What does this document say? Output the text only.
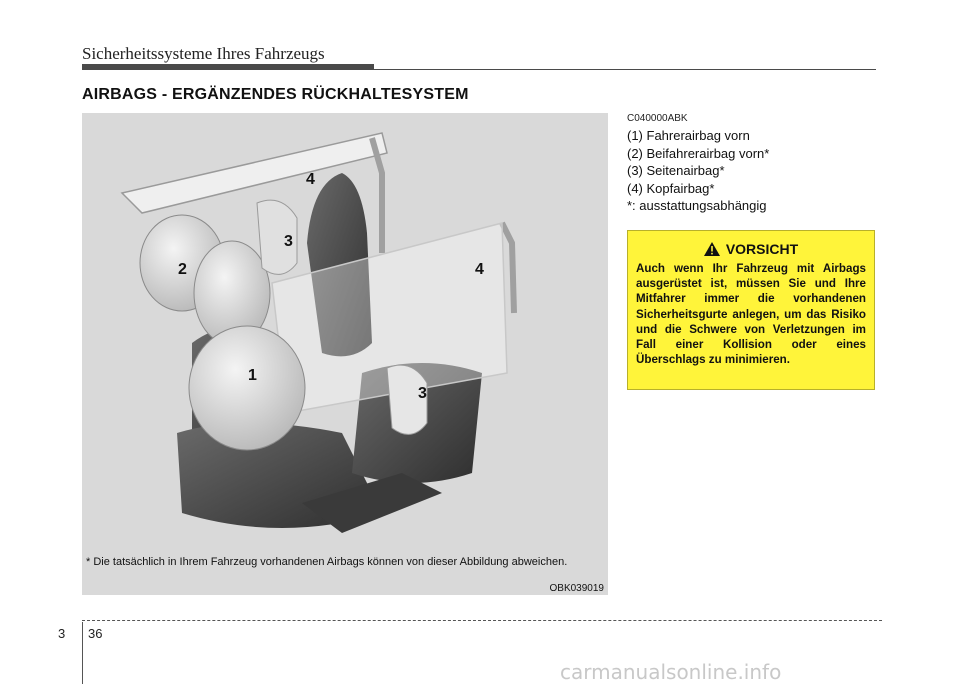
Sicherheitssysteme Ihres Fahrzeugs
AIRBAGS - ERGÄNZENDES RÜCKHALTESYSTEM
4
3
2	4
1
3
* Die tatsächlich in Ihrem Fahrzeug vorhandenen Airbags können von dieser Abbildung abweichen.
OBK039019
C040000ABK
(1) Fahrerairbag vorn
(2) Beifahrerairbag vorn*
(3) Seitenairbag*
(4) Kopfairbag*
*: ausstattungsabhängig
VORSICHT
Auch wenn Ihr Fahrzeug mit Airbags ausgerüstet ist, müssen Sie und Ihre Mitfahrer immer die vorhandenen Sicherheitsgurte anlegen, um das Risiko und die Schwere von Verletzungen im Fall einer Kollision oder eines Überschlags zu minimieren.
3 36
carmanualsonline.info
